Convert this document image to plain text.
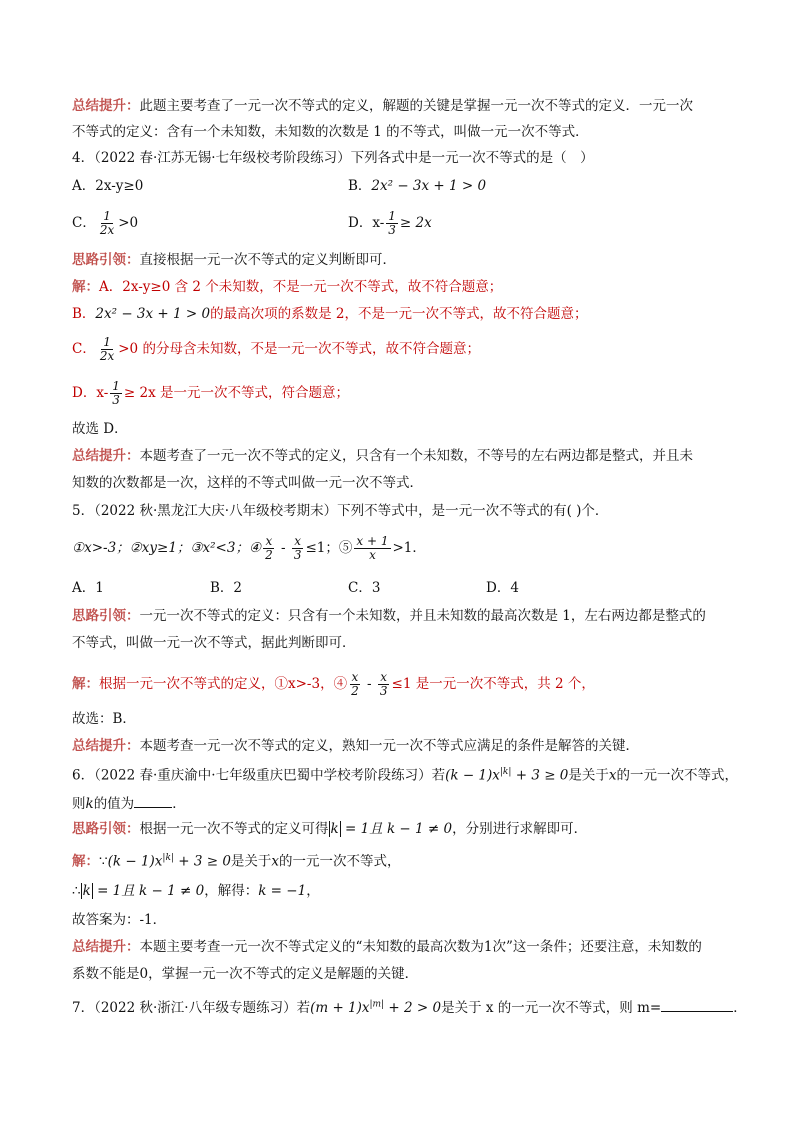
总结提升：此题主要考查了一元一次不等式的定义，解题的关键是掌握一元一次不等式的定义．一元一次
不等式的定义：含有一个未知数，未知数的次数是 1 的不等式，叫做一元一次不等式．
4．（2022 春·江苏无锡·七年级校考阶段练习）下列各式中是一元一次不等式的是（　）
A．2x-y≥0	B．2x² − 3x + 1 > 0
C． $\frac{1}{2x} >0$	D．$x- \frac{1}{3} \ge 2x$
思路引领：直接根据一元一次不等式的定义判断即可．
解：A．2x-y≥0 含 2 个未知数，不是一元一次不等式，故不符合题意；
B．2x² − 3x + 1 > 0的最高次项的系数是 2，不是一元一次不等式，故不符合题意；
C． $\frac{1}{2x} >0$ 的分母含未知数，不是一元一次不等式，故不符合题意；
D．$x- \frac{1}{3} \ge 2x$ 是一元一次不等式，符合题意；
故选 D．
总结提升：本题考查了一元一次不等式的定义，只含有一个未知数，不等号的左右两边都是整式，并且未
知数的次数都是一次，这样的不等式叫做一元一次不等式．
5．（2022 秋·黑龙江大庆·八年级校考期末）下列不等式中，是一元一次不等式的有( )个．
①x>-3；②xy≥1；③x²<3；④ $\frac{x}{2} - \frac{x}{3} \le 1$；⑤ $\frac{x + 1}{x} >1$．
A．1	B．2	C．3	D．4
思路引领：一元一次不等式的定义：只含有一个未知数，并且未知数的最高次数是 1，左右两边都是整式的
不等式，叫做一元一次不等式，据此判断即可．
解：根据一元一次不等式的定义，①x>-3，④ $\frac{x}{2} - \frac{x}{3} \le 1$ 是一元一次不等式，共 2 个，
故选：B．
总结提升：本题考查一元一次不等式的定义，熟知一元一次不等式应满足的条件是解答的关键．
6．（2022 春·重庆渝中·七年级重庆巴蜀中学校考阶段练习）若$(k - 1)x^{|k|} + 3 \ge 0$是关于x的一元一次不等式，
则k的值为	．
思路引领：根据一元一次不等式的定义可得 k = 1且 k − 1 ≠ 0，分别进行求解即可．
解：∵(k − $1)x^{|k|} + 3 \ge 0$是关于x的一元一次不等式，
∴ k = 1且 k − 1 ≠ 0，解得：k = −1，
故答案为：-1．
总结提升：本题主要考查一元一次不等式定义的“未知数的最高次数为1次”这一条件；还要注意，未知数的
系数不能是0，掌握一元一次不等式的定义是解题的关键．
7．（2022 秋·浙江·八年级专题练习）若$(m + 1)x^{|m|} + 2 > 0$是关于 x 的一元一次不等式，则 m=	．
